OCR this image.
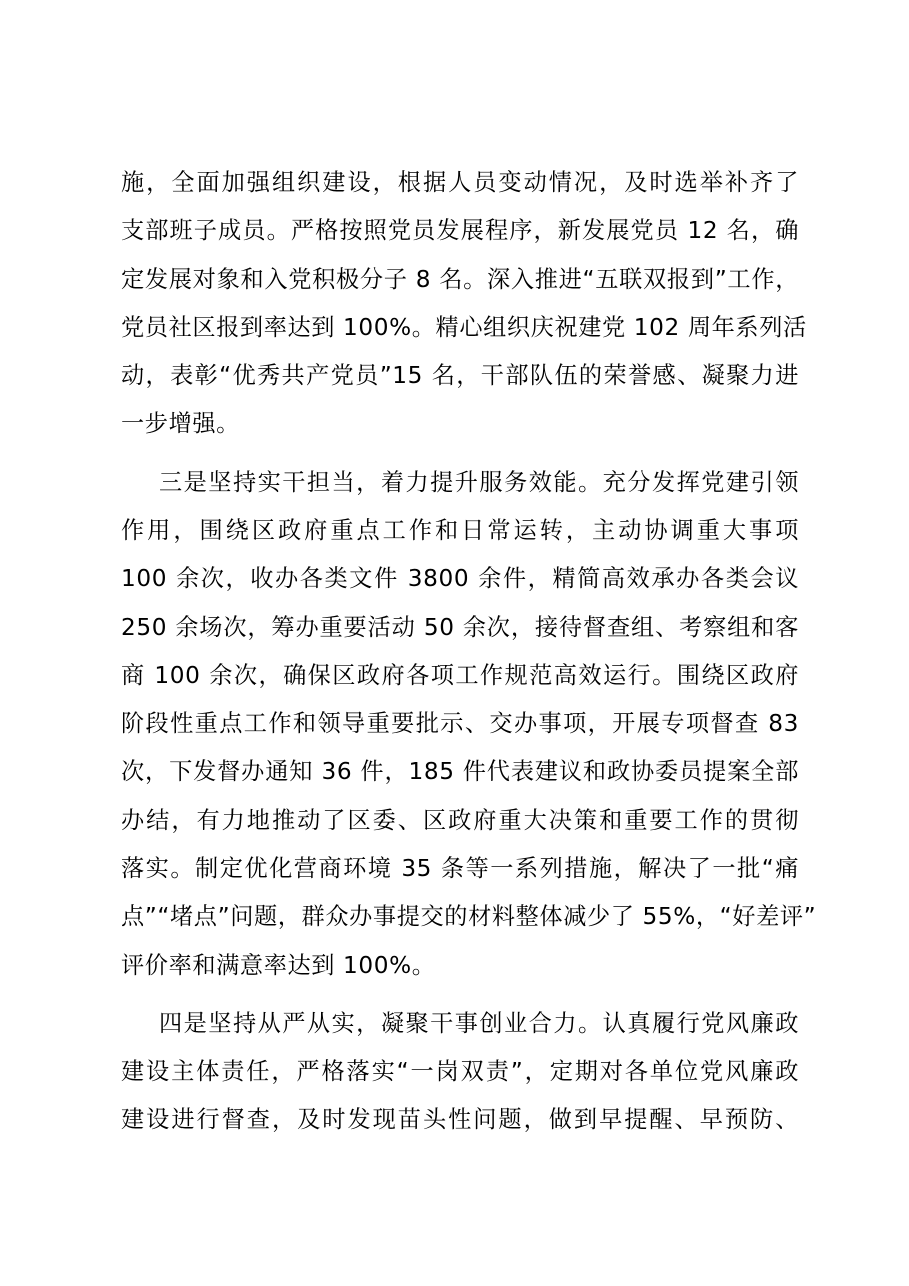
施，全面加强组织建设，根据人员变动情况，及时选举补齐了
支部班子成员。严格按照党员发展程序，新发展党员 12 名，确
定发展对象和入党积极分子 8 名。深入推进“五联双报到”工作，
党员社区报到率达到 100%。精心组织庆祝建党 102 周年系列活
动，表彰“优秀共产党员”15 名，干部队伍的荣誉感、凝聚力进
一步增强。
三是坚持实干担当，着力提升服务效能。充分发挥党建引领
作用，围绕区政府重点工作和日常运转，主动协调重大事项
100 余次，收办各类文件 3800 余件，精简高效承办各类会议
250 余场次，筹办重要活动 50 余次，接待督查组、考察组和客
商 100 余次，确保区政府各项工作规范高效运行。围绕区政府
阶段性重点工作和领导重要批示、交办事项，开展专项督查 83
次，下发督办通知 36 件，185 件代表建议和政协委员提案全部
办结，有力地推动了区委、区政府重大决策和重要工作的贯彻
落实。制定优化营商环境 35 条等一系列措施，解决了一批“痛
点”“堵点”问题，群众办事提交的材料整体减少了 55%，“好差评”
评价率和满意率达到 100%。
四是坚持从严从实，凝聚干事创业合力。认真履行党风廉政
建设主体责任，严格落实“一岗双责”，定期对各单位党风廉政
建设进行督查，及时发现苗头性问题，做到早提醒、早预防、
